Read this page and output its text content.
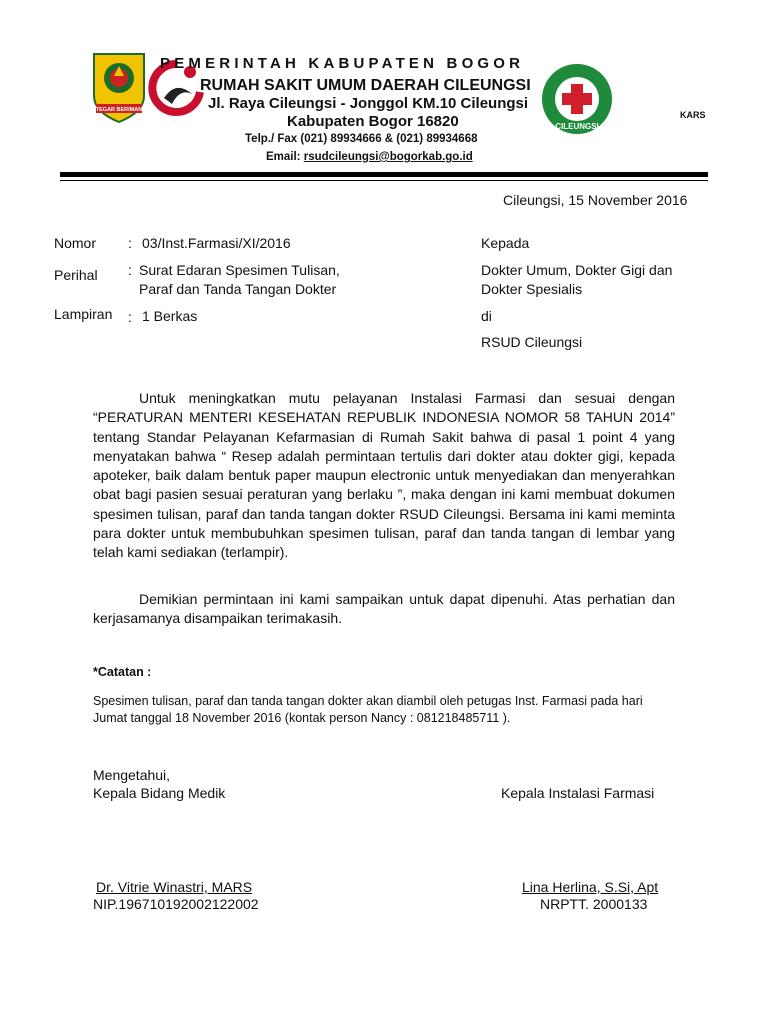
TEGAR BERIMAN
PEMERINTAH KABUPATEN BOGOR
RUMAH SAKIT UMUM DAERAH CILEUNGSI
Jl. Raya Cileungsi - Jonggol KM.10 Cileungsi
Kabupaten Bogor 16820
Telp./ Fax (021) 89934666 & (021) 89934668
Email: rsudcileungsi@bogorkab.go.id
CILEUNGSI
KARS
Cileungsi, 15 November 2016
Nomor : 03/Inst.Farmasi/XI/2016
Perihal : Surat Edaran Spesimen Tulisan,
Paraf dan Tanda Tangan Dokter
Lampiran : 1 Berkas
Kepada
Dokter Umum, Dokter Gigi dan
Dokter Spesialis
di
RSUD Cileungsi
Untuk meningkatkan mutu pelayanan Instalasi Farmasi dan sesuai dengan “PERATURAN MENTERI KESEHATAN REPUBLIK INDONESIA NOMOR 58 TAHUN 2014” tentang Standar Pelayanan Kefarmasian di Rumah Sakit bahwa di pasal 1 point 4 yang menyatakan bahwa “ Resep adalah permintaan tertulis dari dokter atau dokter gigi, kepada apoteker, baik dalam bentuk paper maupun electronic untuk menyediakan dan menyerahkan obat bagi pasien sesuai peraturan yang berlaku ”, maka dengan ini kami membuat dokumen spesimen tulisan, paraf dan tanda tangan dokter RSUD Cileungsi. Bersama ini kami meminta para dokter untuk membubuhkan spesimen tulisan, paraf dan tanda tangan di lembar yang telah kami sediakan (terlampir).
Demikian permintaan ini kami sampaikan untuk dapat dipenuhi. Atas perhatian dan kerjasamanya disampaikan terimakasih.
*Catatan :
Spesimen tulisan, paraf dan tanda tangan dokter akan diambil oleh petugas Inst. Farmasi pada hari Jumat tanggal 18 November 2016 (kontak person Nancy : 081218485711 ).
Mengetahui,
Kepala Bidang Medik	Kepala Instalasi Farmasi
Dr. Vitrie Winastri, MARS
NIP.196710192002122002
Lina Herlina, S.Si, Apt
NRPTT. 2000133
